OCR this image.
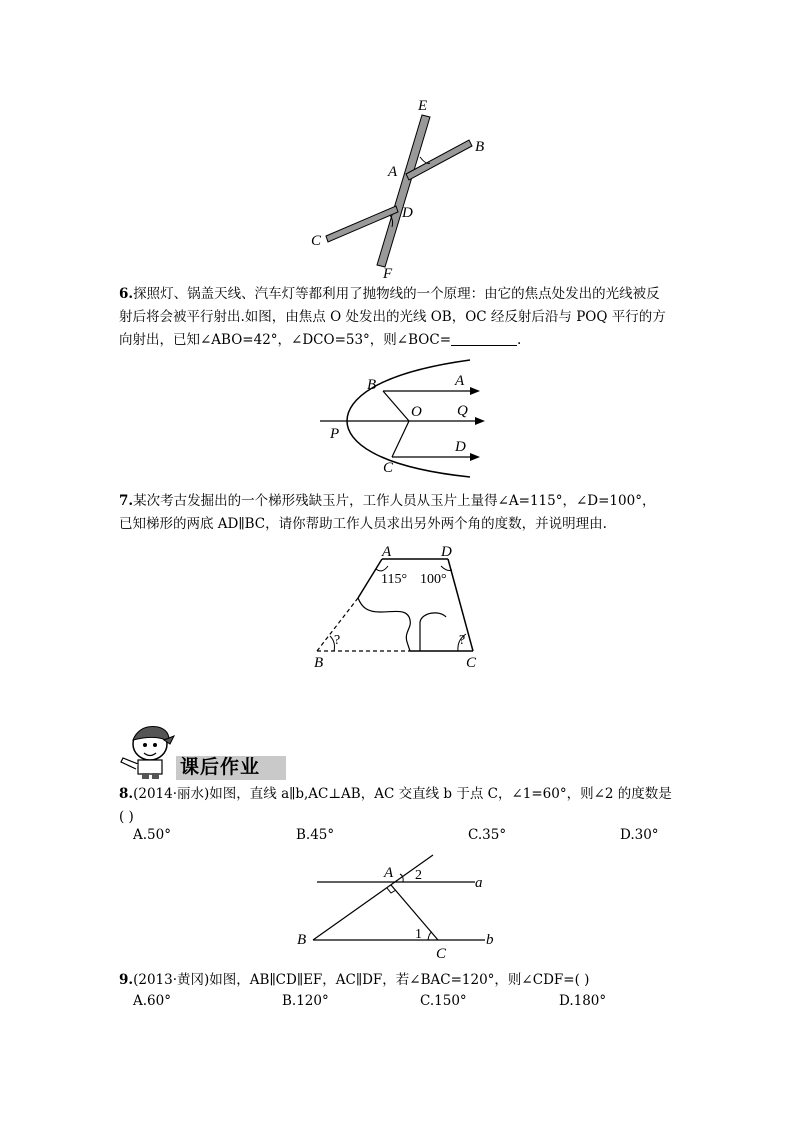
E
B
A
D
C
F
6.探照灯、锅盖天线、汽车灯等都利用了抛物线的一个原理：由它的焦点处发出的光线被反
射后将会被平行射出.如图，由焦点 O 处发出的光线 OB，OC 经反射后沿与 POQ 平行的方
向射出，已知∠ABO=42°，∠DCO=53°，则∠BOC=	.
B	A
O Q
P
D
C
7.某次考古发掘出的一个梯形残缺玉片，工作人员从玉片上量得∠A=115°，∠D=100°，
已知梯形的两底 AD∥BC，请你帮助工作人员求出另外两个角的度数，并说明理由.
A	D
115° 100°
?	?
B	C
课后作业
8.(2014·丽水)如图，直线 a∥b,AC⊥AB，AC 交直线 b 于点 C，∠1=60°，则∠2 的度数是
( )
A.50°	B.45°	C.35°	D.30°
A 2	a
B	1
C
b
9.(2013·黄冈)如图，AB∥CD∥EF，AC∥DF，若∠BAC=120°，则∠CDF=( )
A.60°	B.120°	C.150°	D.180°
